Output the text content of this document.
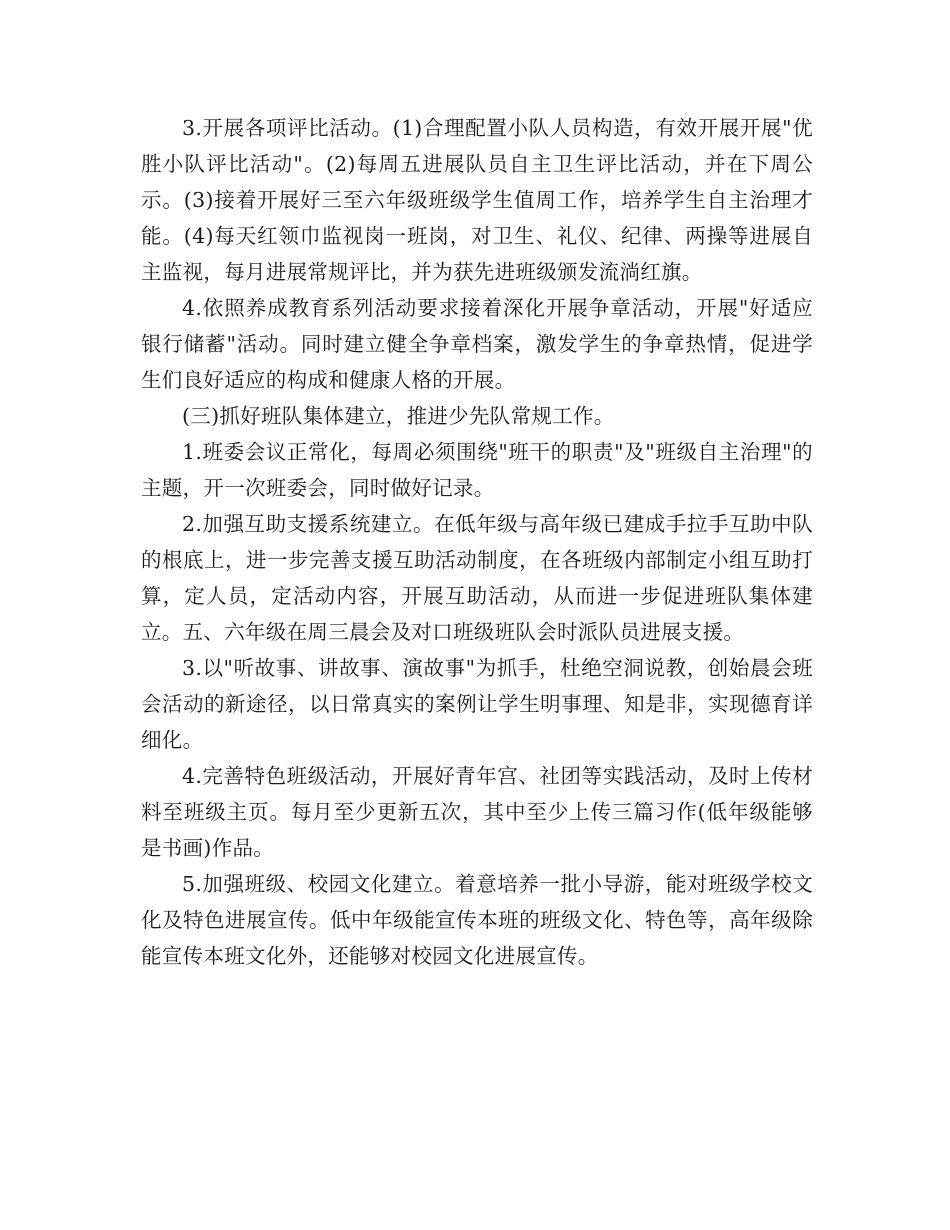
3.开展各项评比活动。(1)合理配置小队人员构造，有效开展开展"优胜小队评比活动"。(2)每周五进展队员自主卫生评比活动，并在下周公示。(3)接着开展好三至六年级班级学生值周工作，培养学生自主治理才能。(4)每天红领巾监视岗一班岗，对卫生、礼仪、纪律、两操等进展自主监视，每月进展常规评比，并为获先进班级颁发流淌红旗。

4.依照养成教育系列活动要求接着深化开展争章活动，开展"好适应银行储蓄"活动。同时建立健全争章档案，激发学生的争章热情，促进学生们良好适应的构成和健康人格的开展。

(三)抓好班队集体建立，推进少先队常规工作。

1.班委会议正常化，每周必须围绕"班干的职责"及"班级自主治理"的主题，开一次班委会，同时做好记录。

2.加强互助支援系统建立。在低年级与高年级已建成手拉手互助中队的根底上，进一步完善支援互助活动制度，在各班级内部制定小组互助打算，定人员，定活动内容，开展互助活动，从而进一步促进班队集体建立。五、六年级在周三晨会及对口班级班队会时派队员进展支援。

3.以"听故事、讲故事、演故事"为抓手，杜绝空洞说教，创始晨会班会活动的新途径，以日常真实的案例让学生明事理、知是非，实现德育详细化。

4.完善特色班级活动，开展好青年宫、社团等实践活动，及时上传材料至班级主页。每月至少更新五次，其中至少上传三篇习作(低年级能够是书画)作品。

5.加强班级、校园文化建立。着意培养一批小导游，能对班级学校文化及特色进展宣传。低中年级能宣传本班的班级文化、特色等，高年级除能宣传本班文化外，还能够对校园文化进展宣传。
